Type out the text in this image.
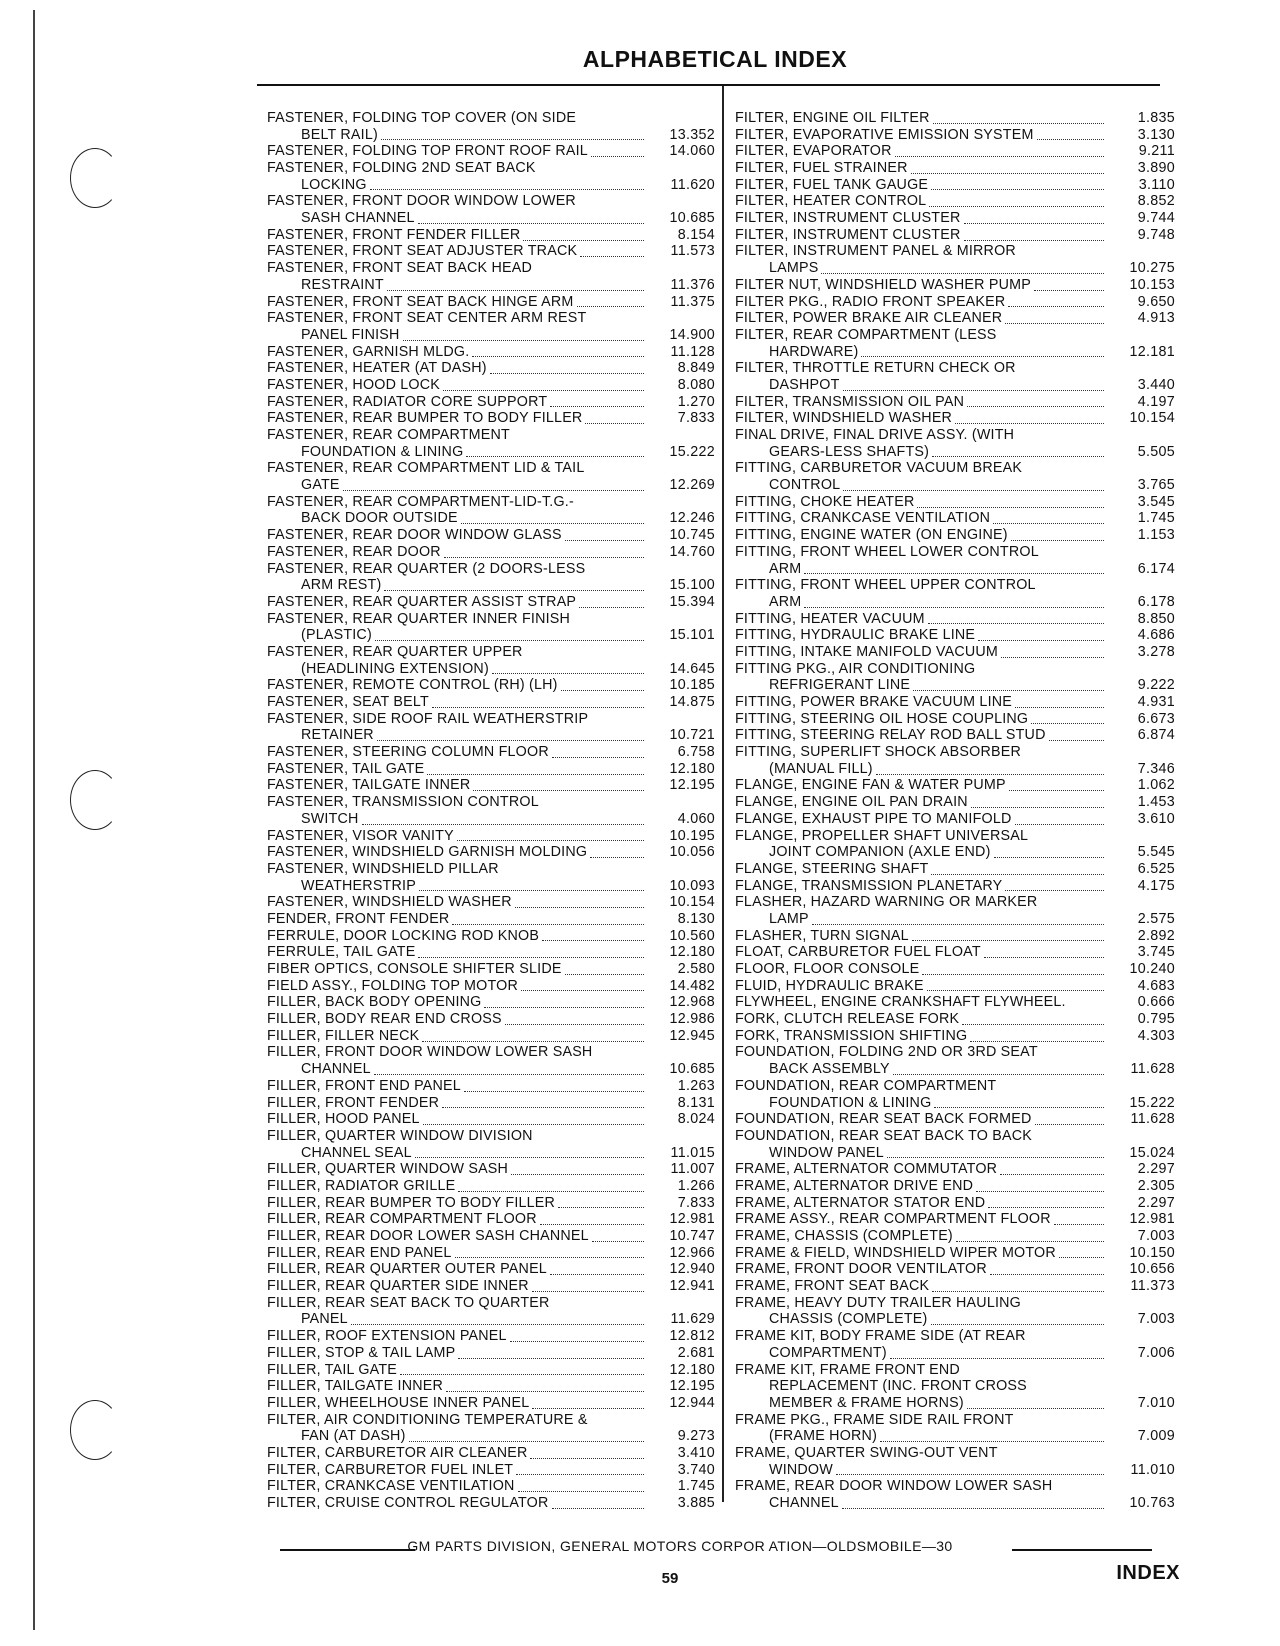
ALPHABETICAL INDEX
FASTENER, FOLDING TOP COVER (ON SIDE
BELT RAIL)	13.352
FASTENER, FOLDING TOP FRONT ROOF RAIL	14.060
FASTENER, FOLDING 2ND SEAT BACK
LOCKING	11.620
FASTENER, FRONT DOOR WINDOW LOWER
SASH CHANNEL	10.685
FASTENER, FRONT FENDER FILLER	8.154
FASTENER, FRONT SEAT ADJUSTER TRACK	11.573
FASTENER, FRONT SEAT BACK HEAD
RESTRAINT	11.376
FASTENER, FRONT SEAT BACK HINGE ARM	11.375
FASTENER, FRONT SEAT CENTER ARM REST
PANEL FINISH	14.900
FASTENER, GARNISH MLDG.	11.128
FASTENER, HEATER (AT DASH)	8.849
FASTENER, HOOD LOCK	8.080
FASTENER, RADIATOR CORE SUPPORT	1.270
FASTENER, REAR BUMPER TO BODY FILLER	7.833
FASTENER, REAR COMPARTMENT
FOUNDATION & LINING	15.222
FASTENER, REAR COMPARTMENT LID & TAIL
GATE	12.269
FASTENER, REAR COMPARTMENT-LID-T.G.-
BACK DOOR OUTSIDE	12.246
FASTENER, REAR DOOR WINDOW GLASS	10.745
FASTENER, REAR DOOR	14.760
FASTENER, REAR QUARTER (2 DOORS-LESS
ARM REST)	15.100
FASTENER, REAR QUARTER ASSIST STRAP	15.394
FASTENER, REAR QUARTER INNER FINISH
(PLASTIC)	15.101
FASTENER, REAR QUARTER UPPER
(HEADLINING EXTENSION)	14.645
FASTENER, REMOTE CONTROL (RH) (LH)	10.185
FASTENER, SEAT BELT	14.875
FASTENER, SIDE ROOF RAIL WEATHERSTRIP
RETAINER	10.721
FASTENER, STEERING COLUMN FLOOR	6.758
FASTENER, TAIL GATE	12.180
FASTENER, TAILGATE INNER	12.195
FASTENER, TRANSMISSION CONTROL
SWITCH	4.060
FASTENER, VISOR VANITY	10.195
FASTENER, WINDSHIELD GARNISH MOLDING	10.056
FASTENER, WINDSHIELD PILLAR
WEATHERSTRIP	10.093
FASTENER, WINDSHIELD WASHER	10.154
FENDER, FRONT FENDER	8.130
FERRULE, DOOR LOCKING ROD KNOB	10.560
FERRULE, TAIL GATE	12.180
FIBER OPTICS, CONSOLE SHIFTER SLIDE	2.580
FIELD ASSY., FOLDING TOP MOTOR	14.482
FILLER, BACK BODY OPENING	12.968
FILLER, BODY REAR END CROSS	12.986
FILLER, FILLER NECK	12.945
FILLER, FRONT DOOR WINDOW LOWER SASH
CHANNEL	10.685
FILLER, FRONT END PANEL	1.263
FILLER, FRONT FENDER	8.131
FILLER, HOOD PANEL	8.024
FILLER, QUARTER WINDOW DIVISION
CHANNEL SEAL	11.015
FILLER, QUARTER WINDOW SASH	11.007
FILLER, RADIATOR GRILLE	1.266
FILLER, REAR BUMPER TO BODY FILLER	7.833
FILLER, REAR COMPARTMENT FLOOR	12.981
FILLER, REAR DOOR LOWER SASH CHANNEL	10.747
FILLER, REAR END PANEL	12.966
FILLER, REAR QUARTER OUTER PANEL	12.940
FILLER, REAR QUARTER SIDE INNER	12.941
FILLER, REAR SEAT BACK TO QUARTER
PANEL	11.629
FILLER, ROOF EXTENSION PANEL	12.812
FILLER, STOP & TAIL LAMP	2.681
FILLER, TAIL GATE	12.180
FILLER, TAILGATE INNER	12.195
FILLER, WHEELHOUSE INNER PANEL	12.944
FILTER, AIR CONDITIONING TEMPERATURE &
FAN (AT DASH)	9.273
FILTER, CARBURETOR AIR CLEANER	3.410
FILTER, CARBURETOR FUEL INLET	3.740
FILTER, CRANKCASE VENTILATION	1.745
FILTER, CRUISE CONTROL REGULATOR	3.885
FILTER, ENGINE OIL FILTER	1.835
FILTER, EVAPORATIVE EMISSION SYSTEM	3.130
FILTER, EVAPORATOR	9.211
FILTER, FUEL STRAINER	3.890
FILTER, FUEL TANK GAUGE	3.110
FILTER, HEATER CONTROL	8.852
FILTER, INSTRUMENT CLUSTER	9.744
FILTER, INSTRUMENT CLUSTER	9.748
FILTER, INSTRUMENT PANEL & MIRROR
LAMPS	10.275
FILTER NUT, WINDSHIELD WASHER PUMP	10.153
FILTER PKG., RADIO FRONT SPEAKER	9.650
FILTER, POWER BRAKE AIR CLEANER	4.913
FILTER, REAR COMPARTMENT (LESS
HARDWARE)	12.181
FILTER, THROTTLE RETURN CHECK OR
DASHPOT	3.440
FILTER, TRANSMISSION OIL PAN	4.197
FILTER, WINDSHIELD WASHER	10.154
FINAL DRIVE, FINAL DRIVE ASSY. (WITH
GEARS-LESS SHAFTS)	5.505
FITTING, CARBURETOR VACUUM BREAK
CONTROL	3.765
FITTING, CHOKE HEATER	3.545
FITTING, CRANKCASE VENTILATION	1.745
FITTING, ENGINE WATER (ON ENGINE)	1.153
FITTING, FRONT WHEEL LOWER CONTROL
ARM	6.174
FITTING, FRONT WHEEL UPPER CONTROL
ARM	6.178
FITTING, HEATER VACUUM	8.850
FITTING, HYDRAULIC BRAKE LINE	4.686
FITTING, INTAKE MANIFOLD VACUUM	3.278
FITTING PKG., AIR CONDITIONING
REFRIGERANT LINE	9.222
FITTING, POWER BRAKE VACUUM LINE	4.931
FITTING, STEERING OIL HOSE COUPLING	6.673
FITTING, STEERING RELAY ROD BALL STUD	6.874
FITTING, SUPERLIFT SHOCK ABSORBER
(MANUAL FILL)	7.346
FLANGE, ENGINE FAN & WATER PUMP	1.062
FLANGE, ENGINE OIL PAN DRAIN	1.453
FLANGE, EXHAUST PIPE TO MANIFOLD	3.610
FLANGE, PROPELLER SHAFT UNIVERSAL
JOINT COMPANION (AXLE END)	5.545
FLANGE, STEERING SHAFT	6.525
FLANGE, TRANSMISSION PLANETARY	4.175
FLASHER, HAZARD WARNING OR MARKER
LAMP	2.575
FLASHER, TURN SIGNAL	2.892
FLOAT, CARBURETOR FUEL FLOAT	3.745
FLOOR, FLOOR CONSOLE	10.240
FLUID, HYDRAULIC BRAKE	4.683
FLYWHEEL, ENGINE CRANKSHAFT FLYWHEEL.	0.666
FORK, CLUTCH RELEASE FORK	0.795
FORK, TRANSMISSION SHIFTING	4.303
FOUNDATION, FOLDING 2ND OR 3RD SEAT
BACK ASSEMBLY	11.628
FOUNDATION, REAR COMPARTMENT
FOUNDATION & LINING	15.222
FOUNDATION, REAR SEAT BACK FORMED	11.628
FOUNDATION, REAR SEAT BACK TO BACK
WINDOW PANEL	15.024
FRAME, ALTERNATOR COMMUTATOR	2.297
FRAME, ALTERNATOR DRIVE END	2.305
FRAME, ALTERNATOR STATOR END	2.297
FRAME ASSY., REAR COMPARTMENT FLOOR	12.981
FRAME, CHASSIS (COMPLETE)	7.003
FRAME & FIELD, WINDSHIELD WIPER MOTOR	10.150
FRAME, FRONT DOOR VENTILATOR	10.656
FRAME, FRONT SEAT BACK	11.373
FRAME, HEAVY DUTY TRAILER HAULING
CHASSIS (COMPLETE)	7.003
FRAME KIT, BODY FRAME SIDE (AT REAR
COMPARTMENT)	7.006
FRAME KIT, FRAME FRONT END
REPLACEMENT (INC. FRONT CROSS
MEMBER & FRAME HORNS)	7.010
FRAME PKG., FRAME SIDE RAIL FRONT
(FRAME HORN)	7.009
FRAME, QUARTER SWING-OUT VENT
WINDOW	11.010
FRAME, REAR DOOR WINDOW LOWER SASH
CHANNEL	10.763
GM PARTS DIVISION, GENERAL MOTORS CORPOR ATION—OLDSMOBILE—30
59	INDEX
